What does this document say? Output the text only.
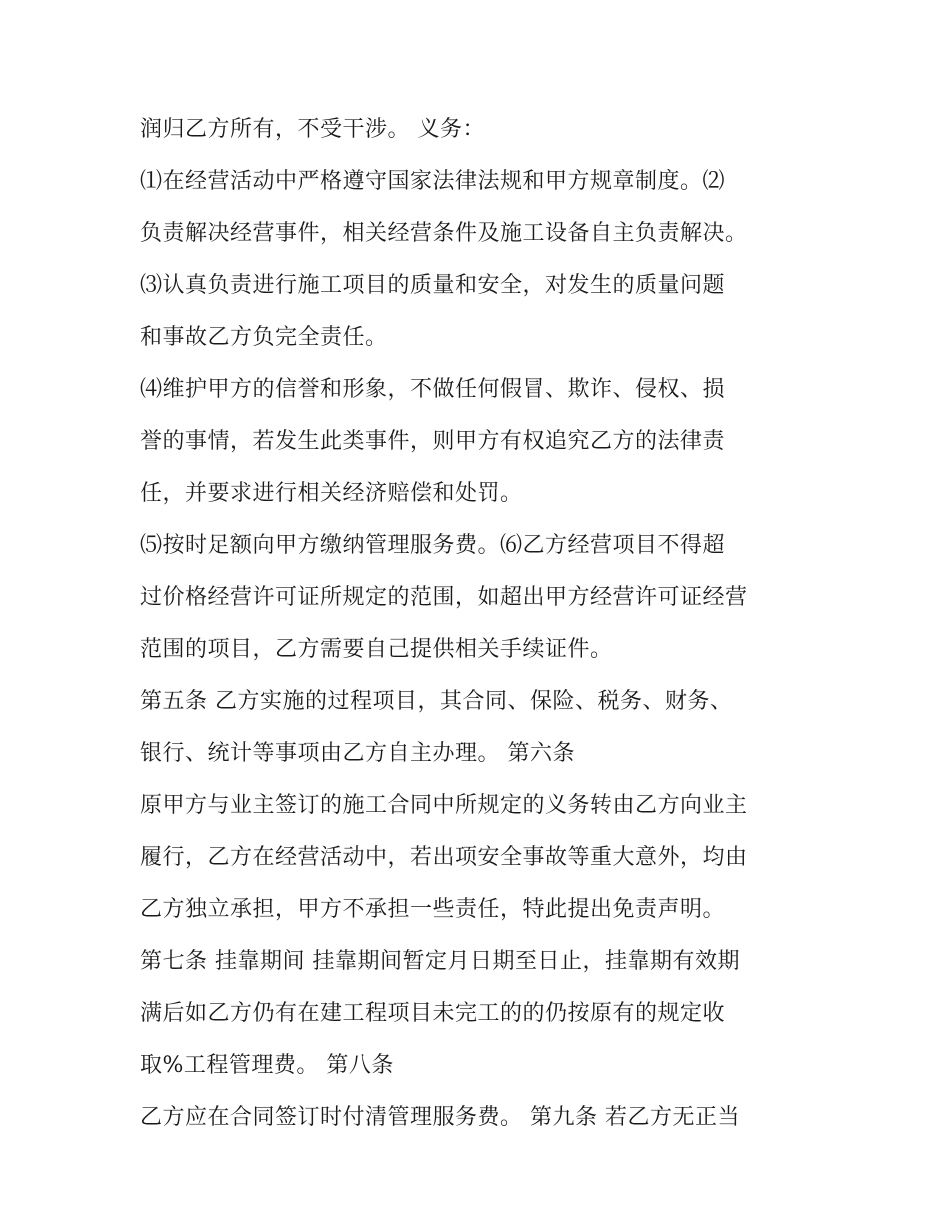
润归乙方所有，不受干涉。 义务：
⑴在经营活动中严格遵守国家法律法规和甲方规章制度。⑵
负责解决经营事件，相关经营条件及施工设备自主负责解决。
⑶认真负责进行施工项目的质量和安全，对发生的质量问题
和事故乙方负完全责任。
⑷维护甲方的信誉和形象，不做任何假冒、欺诈、侵权、损
誉的事情，若发生此类事件，则甲方有权追究乙方的法律责
任，并要求进行相关经济赔偿和处罚。
⑸按时足额向甲方缴纳管理服务费。⑹乙方经营项目不得超
过价格经营许可证所规定的范围，如超出甲方经营许可证经营
范围的项目，乙方需要自己提供相关手续证件。
第五条 乙方实施的过程项目，其合同、保险、税务、财务、
银行、统计等事项由乙方自主办理。 第六条
原甲方与业主签订的施工合同中所规定的义务转由乙方向业主
履行，乙方在经营活动中，若出项安全事故等重大意外，均由
乙方独立承担，甲方不承担一些责任，特此提出免责声明。
第七条 挂靠期间 挂靠期间暂定月日期至日止，挂靠期有效期
满后如乙方仍有在建工程项目未完工的的仍按原有的规定收
取%工程管理费。 第八条
乙方应在合同签订时付清管理服务费。 第九条 若乙方无正当
